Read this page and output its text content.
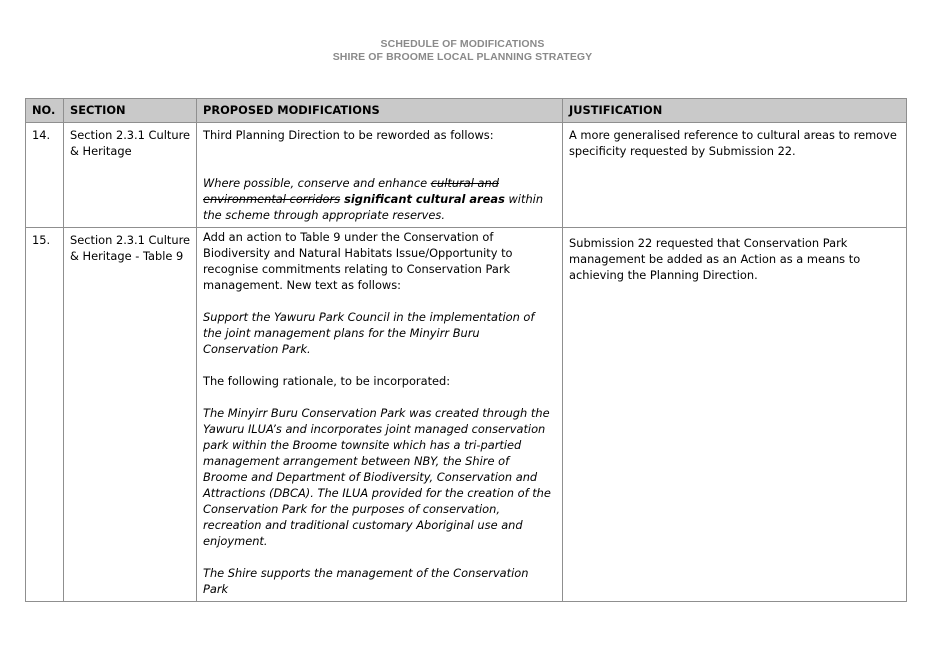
SCHEDULE OF MODIFICATIONS
SHIRE OF BROOME LOCAL PLANNING STRATEGY
NO.	SECTION	PROPOSED MODIFICATIONS	JUSTIFICATION
14.	Section 2.3.1 Culture & Heritage	Third Planning Direction to be reworded as follows:

Where possible, conserve and enhance cultural and environmental corridors significant cultural areas within the scheme through appropriate reserves.	A more generalised reference to cultural areas to remove specificity requested by Submission 22.
15.	Section 2.3.1 Culture & Heritage - Table 9	Add an action to Table 9 under the Conservation of Biodiversity and Natural Habitats Issue/Opportunity to recognise commitments relating to Conservation Park management. New text as follows:

Support the Yawuru Park Council in the implementation of the joint management plans for the Minyirr Buru Conservation Park.

The following rationale, to be incorporated:

The Minyirr Buru Conservation Park was created through the Yawuru ILUA’s and incorporates joint managed conservation park within the Broome townsite which has a tri-partied management arrangement between NBY, the Shire of Broome and Department of Biodiversity, Conservation and Attractions (DBCA). The ILUA provided for the creation of the Conservation Park for the purposes of conservation, recreation and traditional customary Aboriginal use and enjoyment.

The Shire supports the management of the Conservation Park	Submission 22 requested that Conservation Park management be added as an Action as a means to achieving the Planning Direction.
